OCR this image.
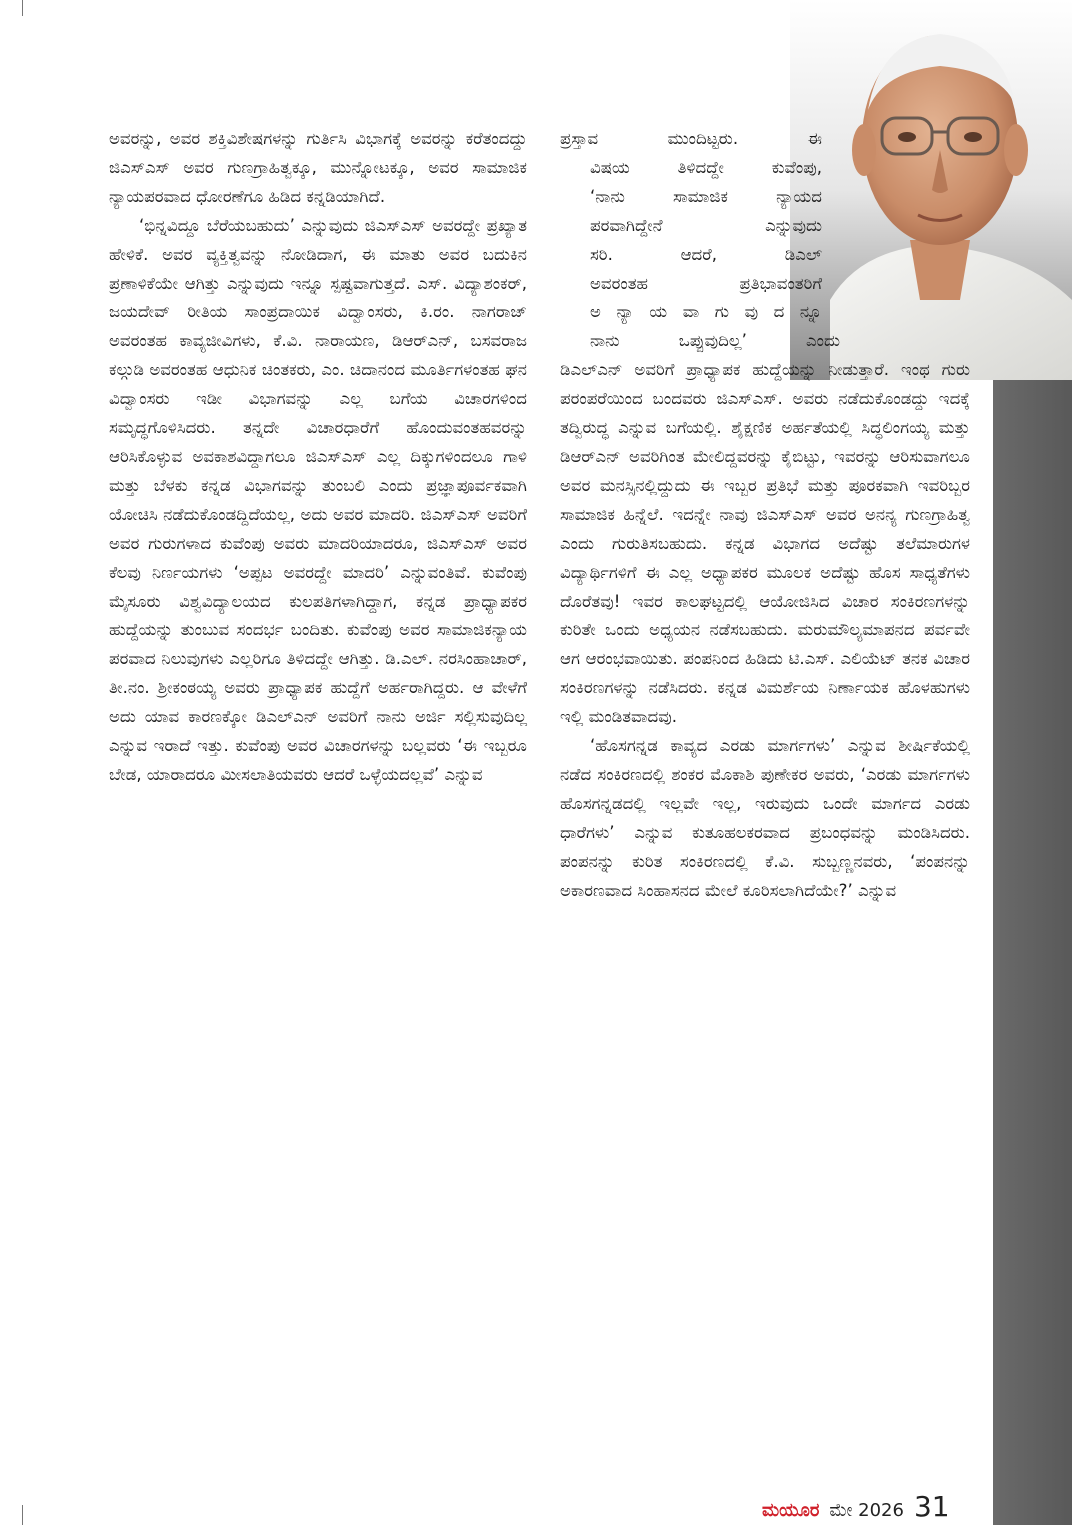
ಅವರನ್ನು, ಅವರ ಶಕ್ತಿವಿಶೇಷಗಳನ್ನು ಗುರ್ತಿಸಿ ವಿಭಾಗಕ್ಕೆ ಅವರನ್ನು ಕರೆತಂದದ್ದು ಜಿಎಸ್‌ಎಸ್ ಅವರ ಗುಣಗ್ರಾಹಿತ್ವಕ್ಕೂ, ಮುನ್ನೋಟಕ್ಕೂ, ಅವರ ಸಾಮಾಜಿಕ ನ್ಯಾಯಪರವಾದ ಧೋರಣೆಗೂ ಹಿಡಿದ ಕನ್ನಡಿಯಾಗಿದೆ.

‘ಭಿನ್ನವಿದ್ದೂ ಬೆರೆಯಬಹುದು’ ಎನ್ನುವುದು ಜಿಎಸ್‌ಎಸ್ ಅವರದ್ದೇ ಪ್ರಖ್ಯಾತ ಹೇಳಿಕೆ. ಅವರ ವ್ಯಕ್ತಿತ್ವವನ್ನು ನೋಡಿದಾಗ, ಈ ಮಾತು ಅವರ ಬದುಕಿನ ಪ್ರಣಾಳಿಕೆಯೇ ಆಗಿತ್ತು ಎನ್ನುವುದು ಇನ್ನೂ ಸ್ಪಷ್ಟವಾಗುತ್ತದೆ. ಎಸ್. ವಿದ್ಯಾಶಂಕರ್, ಜಯದೇವ್ ರೀತಿಯ ಸಾಂಪ್ರದಾಯಿಕ ವಿದ್ವಾಂಸರು, ಕಿ.ರಂ. ನಾಗರಾಜ್ ಅವರಂತಹ ಕಾವ್ಯಜೀವಿಗಳು, ಕೆ.ವಿ. ನಾರಾಯಣ, ಡಿಆರ್‌ಎನ್, ಬಸವರಾಜ ಕಲ್ಗುಡಿ ಅವರಂತಹ ಆಧುನಿಕ ಚಿಂತಕರು, ಎಂ. ಚಿದಾನಂದ ಮೂರ್ತಿಗಳಂತಹ ಘನ ವಿದ್ವಾಂಸರು ಇಡೀ ವಿಭಾಗವನ್ನು ಎಲ್ಲ ಬಗೆಯ ವಿಚಾರಗಳಿಂದ ಸಮೃದ್ಧಗೊಳಿಸಿದರು. ತನ್ನದೇ ವಿಚಾರಧಾರೆಗೆ ಹೊಂದುವಂತಹವರನ್ನು ಆರಿಸಿಕೊಳ್ಳುವ ಅವಕಾಶವಿದ್ದಾಗಲೂ ಜಿಎಸ್‌ಎಸ್ ಎಲ್ಲ ದಿಕ್ಕುಗಳಿಂದಲೂ ಗಾಳಿ ಮತ್ತು ಬೆಳಕು ಕನ್ನಡ ವಿಭಾಗವನ್ನು ತುಂಬಲಿ ಎಂದು ಪ್ರಜ್ಞಾಪೂರ್ವಕವಾಗಿ ಯೋಚಿಸಿ ನಡೆದುಕೊಂಡದ್ದಿದೆಯಲ್ಲ, ಅದು ಅವರ ಮಾದರಿ. ಜಿಎಸ್‌ಎಸ್ ಅವರಿಗೆ ಅವರ ಗುರುಗಳಾದ ಕುವೆಂಪು ಅವರು ಮಾದರಿಯಾದರೂ, ಜಿಎಸ್‌ಎಸ್ ಅವರ ಕೆಲವು ನಿರ್ಣಯಗಳು ‘ಅಪ್ಪಟ ಅವರದ್ದೇ ಮಾದರಿ’ ಎನ್ನುವಂತಿವೆ. ಕುವೆಂಪು ಮೈಸೂರು ವಿಶ್ವವಿದ್ಯಾಲಯದ ಕುಲಪತಿಗಳಾಗಿದ್ದಾಗ, ಕನ್ನಡ ಪ್ರಾಧ್ಯಾಪಕರ ಹುದ್ದೆಯನ್ನು ತುಂಬುವ ಸಂದರ್ಭ ಬಂದಿತು. ಕುವೆಂಪು ಅವರ ಸಾಮಾಜಿಕನ್ಯಾಯ ಪರವಾದ ನಿಲುವುಗಳು ಎಲ್ಲರಿಗೂ ತಿಳಿದದ್ದೇ ಆಗಿತ್ತು. ಡಿ.ಎಲ್. ನರಸಿಂಹಾಚಾರ್, ತೀ.ನಂ. ಶ್ರೀಕಂಠಯ್ಯ ಅವರು ಪ್ರಾಧ್ಯಾಪಕ ಹುದ್ದೆಗೆ ಅರ್ಹರಾಗಿದ್ದರು. ಆ ವೇಳೆಗೆ ಅದು ಯಾವ ಕಾರಣಕ್ಕೋ ಡಿಎಲ್‌ಎನ್ ಅವರಿಗೆ ನಾನು ಅರ್ಜಿ ಸಲ್ಲಿಸುವುದಿಲ್ಲ ಎನ್ನುವ ಇರಾದೆ ಇತ್ತು. ಕುವೆಂಪು ಅವರ ವಿಚಾರಗಳನ್ನು ಬಲ್ಲವರು ‘ಈ ಇಬ್ಬರೂ ಬೇಡ, ಯಾರಾದರೂ ಮೀಸಲಾತಿಯವರು ಆದರೆ ಒಳ್ಳೆಯದಲ್ಲವೆ’ ಎನ್ನುವ

ಪ್ರಸ್ತಾವ ಮುಂದಿಟ್ಟರು. ಈ

ವಿಷಯ ತಿಳಿದದ್ದೇ ಕುವೆಂಪು,

‘ನಾನು ಸಾಮಾಜಿಕ ನ್ಯಾಯದ

ಪರವಾಗಿದ್ದೇನೆ ಎನ್ನುವುದು

ಸರಿ. ಆದರೆ, ಡಿಎಲ್

ಅವರಂತಹ ಪ್ರತಿಭಾವಂತರಿಗೆ

ಅ ನ್ಯಾ ಯ ವಾ ಗು ವು ದ ನ್ನೂ

ನಾನು ಒಪ್ಪುವುದಿಲ್ಲ’ ಎಂದು

ಡಿಎಲ್‌ಎನ್ ಅವರಿಗೆ ಪ್ರಾಧ್ಯಾಪಕ ಹುದ್ದೆಯನ್ನು ನೀಡುತ್ತಾರೆ. ಇಂಥ ಗುರು ಪರಂಪರೆಯಿಂದ ಬಂದವರು ಜಿಎಸ್‌ಎಸ್. ಅವರು ನಡೆದುಕೊಂಡದ್ದು ಇದಕ್ಕೆ ತದ್ವಿರುದ್ಧ ಎನ್ನುವ ಬಗೆಯಲ್ಲಿ. ಶೈಕ್ಷಣಿಕ ಅರ್ಹತೆಯಲ್ಲಿ ಸಿದ್ಧಲಿಂಗಯ್ಯ ಮತ್ತು ಡಿಆರ್‌ಎನ್ ಅವರಿಗಿಂತ ಮೇಲಿದ್ದವರನ್ನು ಕೈಬಿಟ್ಟು, ಇವರನ್ನು ಆರಿಸುವಾಗಲೂ ಅವರ ಮನಸ್ಸಿನಲ್ಲಿದ್ದುದು ಈ ಇಬ್ಬರ ಪ್ರತಿಭೆ ಮತ್ತು ಪೂರಕವಾಗಿ ಇವರಿಬ್ಬರ ಸಾಮಾಜಿಕ ಹಿನ್ನೆಲೆ. ಇದನ್ನೇ ನಾವು ಜಿಎಸ್‌ಎಸ್ ಅವರ ಅನನ್ಯ ಗುಣಗ್ರಾಹಿತ್ವ ಎಂದು ಗುರುತಿಸಬಹುದು. ಕನ್ನಡ ವಿಭಾಗದ ಅದೆಷ್ಟು ತಲೆಮಾರುಗಳ ವಿದ್ಯಾರ್ಥಿಗಳಿಗೆ ಈ ಎಲ್ಲ ಅಧ್ಯಾಪಕರ ಮೂಲಕ ಅದೆಷ್ಟು ಹೊಸ ಸಾಧ್ಯತೆಗಳು ದೊರೆತವು! ಇವರ ಕಾಲಘಟ್ಟದಲ್ಲಿ ಆಯೋಜಿಸಿದ ವಿಚಾರ ಸಂಕಿರಣಗಳನ್ನು ಕುರಿತೇ ಒಂದು ಅಧ್ಯಯನ ನಡೆಸಬಹುದು. ಮರುಮೌಲ್ಯಮಾಪನದ ಪರ್ವವೇ ಆಗ ಆರಂಭವಾಯಿತು. ಪಂಪನಿಂದ ಹಿಡಿದು ಟಿ.ಎಸ್. ಎಲಿಯೆಟ್ ತನಕ ವಿಚಾರ ಸಂಕಿರಣಗಳನ್ನು ನಡೆಸಿದರು. ಕನ್ನಡ ವಿಮರ್ಶೆಯ ನಿರ್ಣಾಯಕ ಹೊಳಹುಗಳು ಇಲ್ಲಿ ಮಂಡಿತವಾದವು.

‘ಹೊಸಗನ್ನಡ ಕಾವ್ಯದ ಎರಡು ಮಾರ್ಗಗಳು’ ಎನ್ನುವ ಶೀರ್ಷಿಕೆಯಲ್ಲಿ ನಡೆದ ಸಂಕಿರಣದಲ್ಲಿ ಶಂಕರ ಮೊಕಾಶಿ ಪುಣೇಕರ ಅವರು, ‘ಎರಡು ಮಾರ್ಗಗಳು ಹೊಸಗನ್ನಡದಲ್ಲಿ ಇಲ್ಲವೇ ಇಲ್ಲ, ಇರುವುದು ಒಂದೇ ಮಾರ್ಗದ ಎರಡು ಧಾರೆಗಳು’ ಎನ್ನುವ ಕುತೂಹಲಕರವಾದ ಪ್ರಬಂಧವನ್ನು ಮಂಡಿಸಿದರು. ಪಂಪನನ್ನು ಕುರಿತ ಸಂಕಿರಣದಲ್ಲಿ ಕೆ.ವಿ. ಸುಬ್ಬಣ್ಣನವರು, ‘ಪಂಪನನ್ನು ಅಕಾರಣವಾದ ಸಿಂಹಾಸನದ ಮೇಲೆ ಕೂರಿಸಲಾಗಿದೆಯೇ?’ ಎನ್ನುವ

ಮಯೂರ ಮೇ 2026 31
